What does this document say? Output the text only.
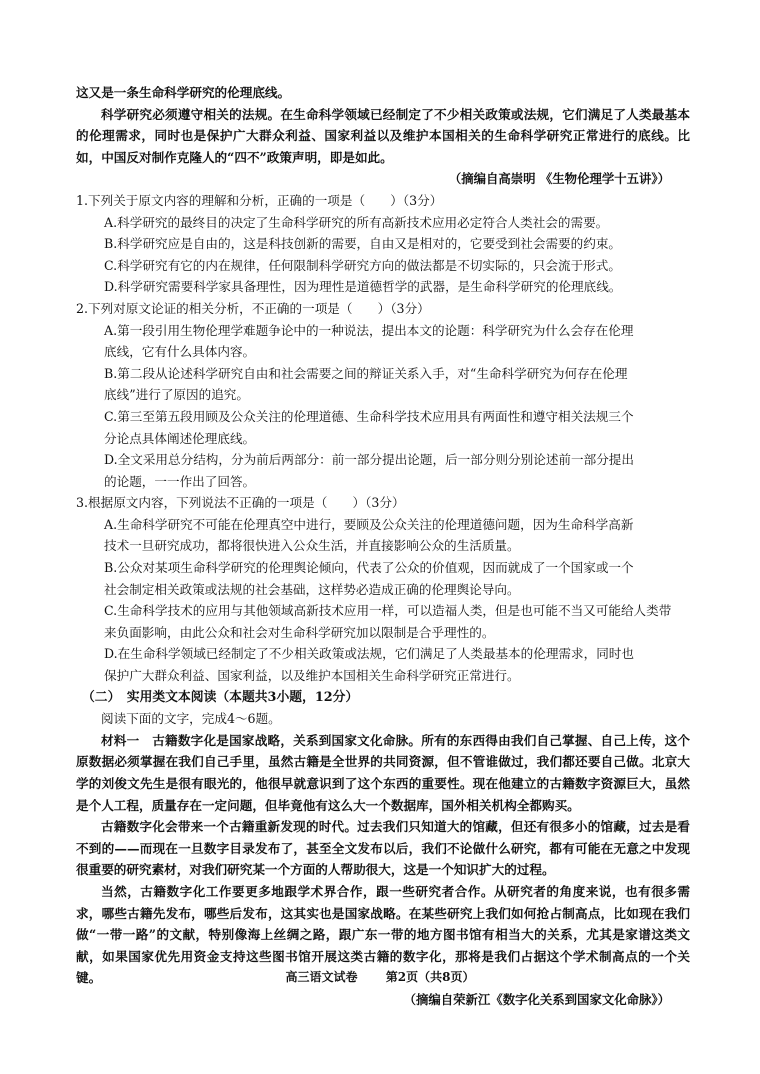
这又是一条生命科学研究的伦理底线。

科学研究必须遵守相关的法规。在生命科学领域已经制定了不少相关政策或法规，它们满足了人类最基本的伦理需求，同时也是保护广大群众利益、国家利益以及维护本国相关的生命科学研究正常进行的底线。比如，中国反对制作克隆人的“四不”政策声明，即是如此。

（摘编自高崇明 《生物伦理学十五讲》）

1.下列关于原文内容的理解和分析，正确的一项是（　　）（3分）

A.科学研究的最终目的决定了生命科学研究的所有高新技术应用必定符合人类社会的需要。

B.科学研究应是自由的，这是科技创新的需要，自由又是相对的，它要受到社会需要的约束。

C.科学研究有它的内在规律，任何限制科学研究方向的做法都是不切实际的，只会流于形式。

D.科学研究需要科学家具备理性，因为理性是道德哲学的武器，是生命科学研究的伦理底线。

2.下列对原文论证的相关分析，不正确的一项是（　　）（3分）

A.第一段引用生物伦理学难题争论中的一种说法，提出本文的论题：科学研究为什么会存在伦理
底线，它有什么具体内容。

B.第二段从论述科学研究自由和社会需要之间的辩证关系入手，对“生命科学研究为何存在伦理
底线”进行了原因的追究。

C.第三至第五段用顾及公众关注的伦理道德、生命科学技术应用具有两面性和遵守相关法规三个
分论点具体阐述伦理底线。

D.全文采用总分结构，分为前后两部分：前一部分提出论题，后一部分则分别论述前一部分提出
的论题，一一作出了回答。

3.根据原文内容，下列说法不正确的一项是（　　）（3分）

A.生命科学研究不可能在伦理真空中进行，要顾及公众关注的伦理道德问题，因为生命科学高新
技术一旦研究成功，都将很快进入公众生活，并直接影响公众的生活质量。

B.公众对某项生命科学研究的伦理舆论倾向，代表了公众的价值观，因而就成了一个国家或一个
社会制定相关政策或法规的社会基础，这样势必造成正确的伦理舆论导向。

C.生命科学技术的应用与其他领域高新技术应用一样，可以造福人类，但是也可能不当又可能给人类带
来负面影响，由此公众和社会对生命科学研究加以限制是合乎理性的。

D.在生命科学领域已经制定了不少相关政策或法规，它们满足了人类最基本的伦理需求，同时也
保护广大群众利益、国家利益，以及维护本国相关生命科学研究正常进行。

（二）　实用类文本阅读（本题共3小题，12分）

阅读下面的文字，完成4～6题。

材料一　古籍数字化是国家战略，关系到国家文化命脉。所有的东西得由我们自己掌握、自己上传，这个原数据必须掌握在我们自己手里，虽然古籍是全世界的共同资源，但不管谁做过，我们都还要自己做。北京大学的刘俊文先生是很有眼光的，他很早就意识到了这个东西的重要性。现在他建立的古籍数字资源巨大，虽然是个人工程，质量存在一定问题，但毕竟他有这么大一个数据库，国外相关机构全都购买。

古籍数字化会带来一个古籍重新发现的时代。过去我们只知道大的馆藏，但还有很多小的馆藏，过去是看不到的——而现在一旦数字目录发布了，甚至全文发布以后，我们不论做什么研究，都有可能在无意之中发现很重要的研究素材，对我们研究某一个方面的人帮助很大，这是一个知识扩大的过程。

当然，古籍数字化工作要更多地跟学术界合作，跟一些研究者合作。从研究者的角度来说，也有很多需求，哪些古籍先发布，哪些后发布，这其实也是国家战略。在某些研究上我们如何抢占制高点，比如现在我们做“一带一路”的文献，特别像海上丝绸之路，跟广东一带的地方图书馆有相当大的关系，尤其是家谱这类文献，如果国家优先用资金支持这些图书馆开展这类古籍的数字化，那将是我们占据这个学术制高点的一个关键。

（摘编自荣新江《数字化关系到国家文化命脉》）

高三语文试卷 第2页（共8页）
